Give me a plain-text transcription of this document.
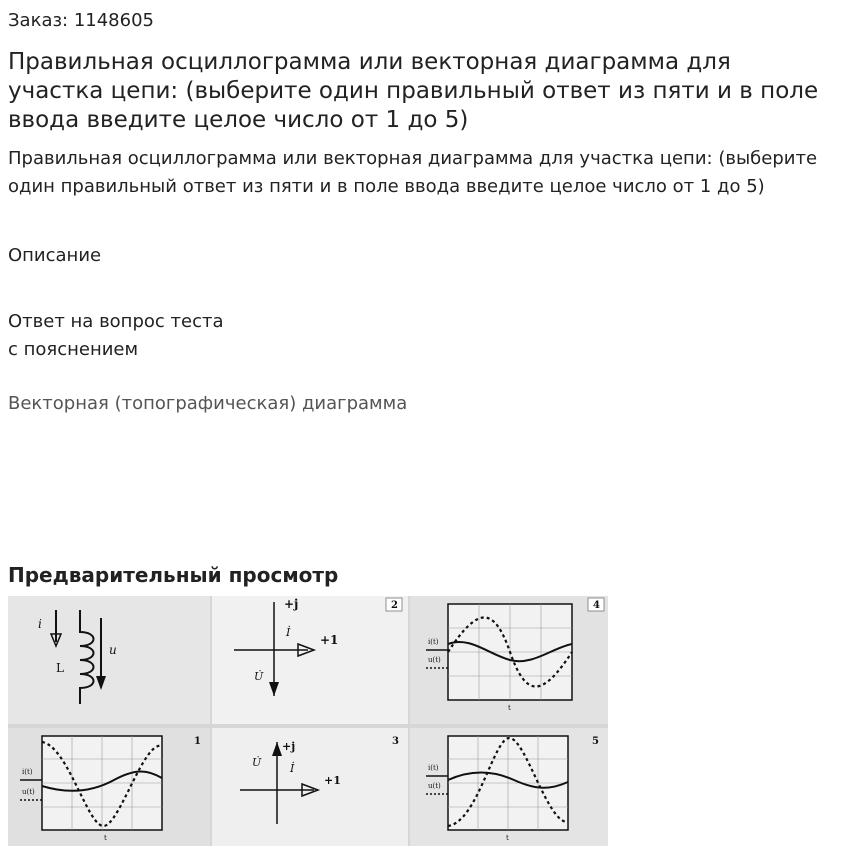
Заказ: 1148605
Правильная осциллограмма или векторная диаграмма для участка цепи: (выберите один правильный ответ из пяти и в поле ввода введите целое число от 1 до 5)
Правильная осциллограмма или векторная диаграмма для участка цепи: (выберите один правильный ответ из пяти и в поле ввода введите целое число от 1 до 5)
Описание
Ответ на вопрос теста
с пояснением
Векторная (топографическая) диаграмма
Предварительный просмотр
i
L
u
+j
+1
İ
U̇
2
i(t)
u(t)
t
4
i(t)
u(t)
t
1	+j
+1
U̇	İ
3
i(t)
u(t)
t
5
